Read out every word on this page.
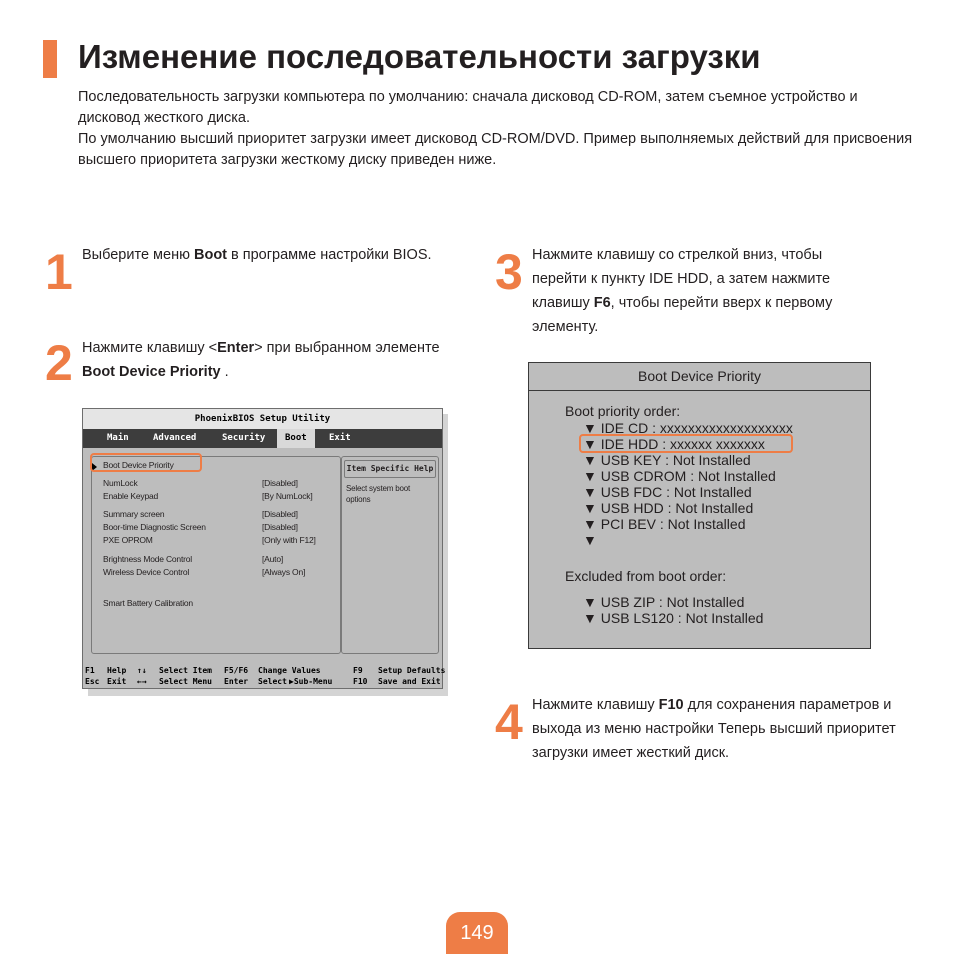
Изменение последовательности загрузки

Последовательность загрузки компьютера по умолчанию: сначала дисковод CD-ROM, затем съемное устройство и дисковод жесткого диска.

По умолчанию высший приоритет загрузки имеет дисковод CD-ROM/DVD. Пример выполняемых действий для присвоения высшего приоритета загрузки жесткому диску приведен ниже.

1 Выберите меню Boot в программе настройки BIOS.
2 Нажмите клавишу <Enter> при выбранном элементе Boot Device Priority .
3 Нажмите клавишу со стрелкой вниз, чтобы перейти к пункту IDE HDD, а затем нажмите клавишу F6, чтобы перейти вверх к первому элементу.
4 Нажмите клавишу F10 для сохранения параметров и выхода из меню настройки Теперь высший приоритет загрузки имеет жесткий диск.
PhoenixBIOS Setup Utility
Main	Advanced	Security	Boot	Exit
Item Specific Help
Select system boot options
Boot Device Priority
NumLock	[Disabled]
Enable Keypad	[By NumLock]
Summary screen	[Disabled]
Boor-time Diagnostic Screen	[Disabled]
PXE OPROM	[Only with F12]
Brightness Mode Control	[Auto]
Wireless Device Control	[Always On]
Smart Battery Calibration
F1 Help ↑↓ Select Item F5/F6 Change Values	F9 Setup Defaults
Esc Exit ←→ Select Menu Enter Select ▶Sub-Menu	F10 Save and Exit
Boot Device Priority
Boot priority order:
▼ IDE CD : xxxxxxxxxxxxxxxxxxx
▼ IDE HDD : xxxxxx xxxxxxx
▼ USB KEY : Not Installed
▼ USB CDROM : Not Installed
▼ USB FDC : Not Installed
▼ USB HDD : Not Installed
▼ PCI BEV : Not Installed
▼
Excluded from boot order:
▼ USB ZIP : Not Installed
▼ USB LS120 : Not Installed
149
